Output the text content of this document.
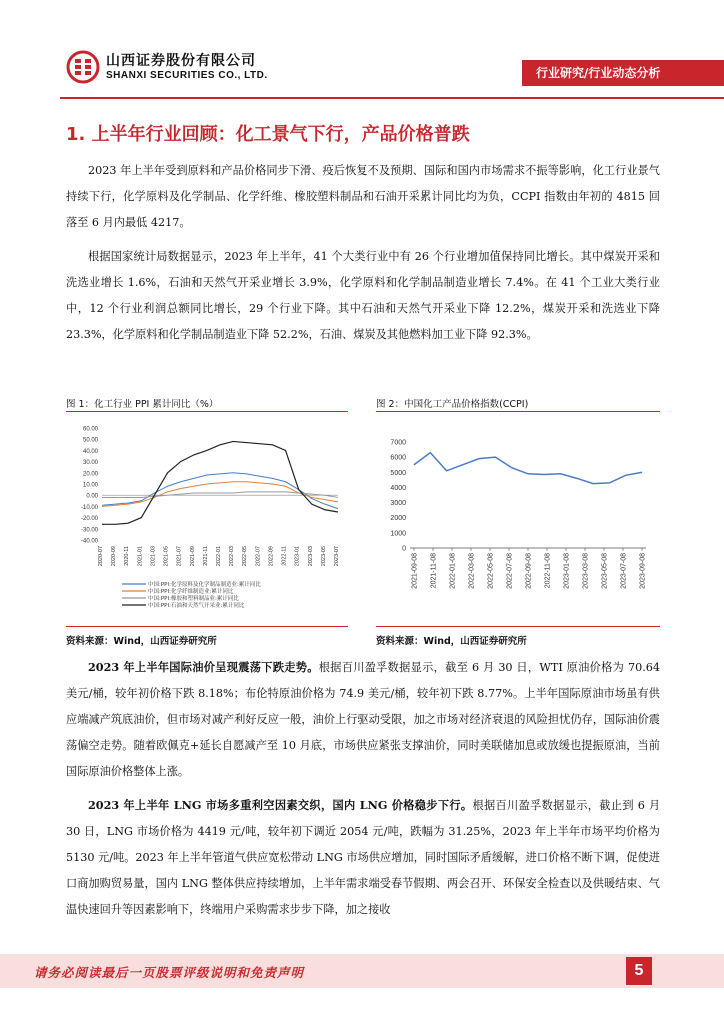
山西证券股份有限公司
SHANXI SECURITIES CO., LTD.	行业研究/行业动态分析
1. 上半年行业回顾：化工景气下行，产品价格普跌

2023 年上半年受到原料和产品价格同步下滑、疫后恢复不及预期、国际和国内市场需求不振等影响，化工行业景气持续下行，化学原料及化学制品、化学纤维、橡胶塑料制品和石油开采累计同比均为负，CCPI 指数由年初的 4815 回落至 6 月内最低 4217。

根据国家统计局数据显示，2023 年上半年，41 个大类行业中有 26 个行业增加值保持同比增长。其中煤炭开采和洗选业增长 1.6%，石油和天然气开采业增长 3.9%，化学原料和化学制品制造业增长 7.4%。在 41 个工业大类行业中，12 个行业利润总额同比增长，29 个行业下降。其中石油和天然气开采业下降 12.2%，煤炭开采和洗选业下降 23.3%，化学原料和化学制品制造业下降 52.2%，石油、煤炭及其他燃料加工业下降 92.3%。

图 1：化工行业 PPI 累计同比（%）
60.00
50.00
40.00
30.00
20.00
10.00
0.00
-10.00
-20.00
-30.00
-40.00
2020-07 2020-09 2020-11 2021-01 2021-03 2021-05 2021-07 2021-09 2021-11 2022-01 2022-03 2022-05 2022-07 2022-09 2022-11 2023-01 2023-03 2023-05 2023-07
中国:PPI:化学原料及化学制品制造业:累计同比
中国:PPI:化学纤维制造业:累计同比
中国:PPI:橡胶和塑料制品业:累计同比
中国:PPI:石油和天然气开采业:累计同比
资料来源：Wind，山西证券研究所
图 2：中国化工产品价格指数(CCPI)
7000
6000
5000
4000
3000
2000
1000
0
2021-09-08 2021-11-08 2022-01-08 2022-03-08 2022-05-08 2022-07-08 2022-09-08 2022-11-08 2023-01-08 2023-03-08 2023-05-08 2023-07-08 2023-09-08
资料来源：Wind，山西证券研究所

2023 年上半年国际油价呈现震荡下跌走势。根据百川盈孚数据显示，截至 6 月 30 日，WTI 原油价格为 70.64 美元/桶，较年初价格下跌 8.18%；布伦特原油价格为 74.9 美元/桶，较年初下跌 8.77%。上半年国际原油市场虽有供应端减产筑底油价，但市场对减产利好反应一般，油价上行驱动受限，加之市场对经济衰退的风险担忧仍存，国际油价震荡偏空走势。随着欧佩克+延长自愿减产至 10 月底，市场供应紧张支撑油价，同时美联储加息或放缓也提振原油，当前国际原油价格整体上涨。

2023 年上半年 LNG 市场多重利空因素交织，国内 LNG 价格稳步下行。根据百川盈孚数据显示，截止到 6 月 30 日，LNG 市场价格为 4419 元/吨，较年初下调近 2054 元/吨，跌幅为 31.25%，2023 年上半年市场平均价格为 5130 元/吨。2023 年上半年管道气供应宽松带动 LNG 市场供应增加，同时国际矛盾缓解，进口价格不断下调，促使进口商加购贸易量，国内 LNG 整体供应持续增加，上半年需求端受春节假期、两会召开、环保安全检查以及供暖结束、气温快速回升等因素影响下，终端用户采购需求步步下降，加之接收

请务必阅读最后一页股票评级说明和免责声明	5
